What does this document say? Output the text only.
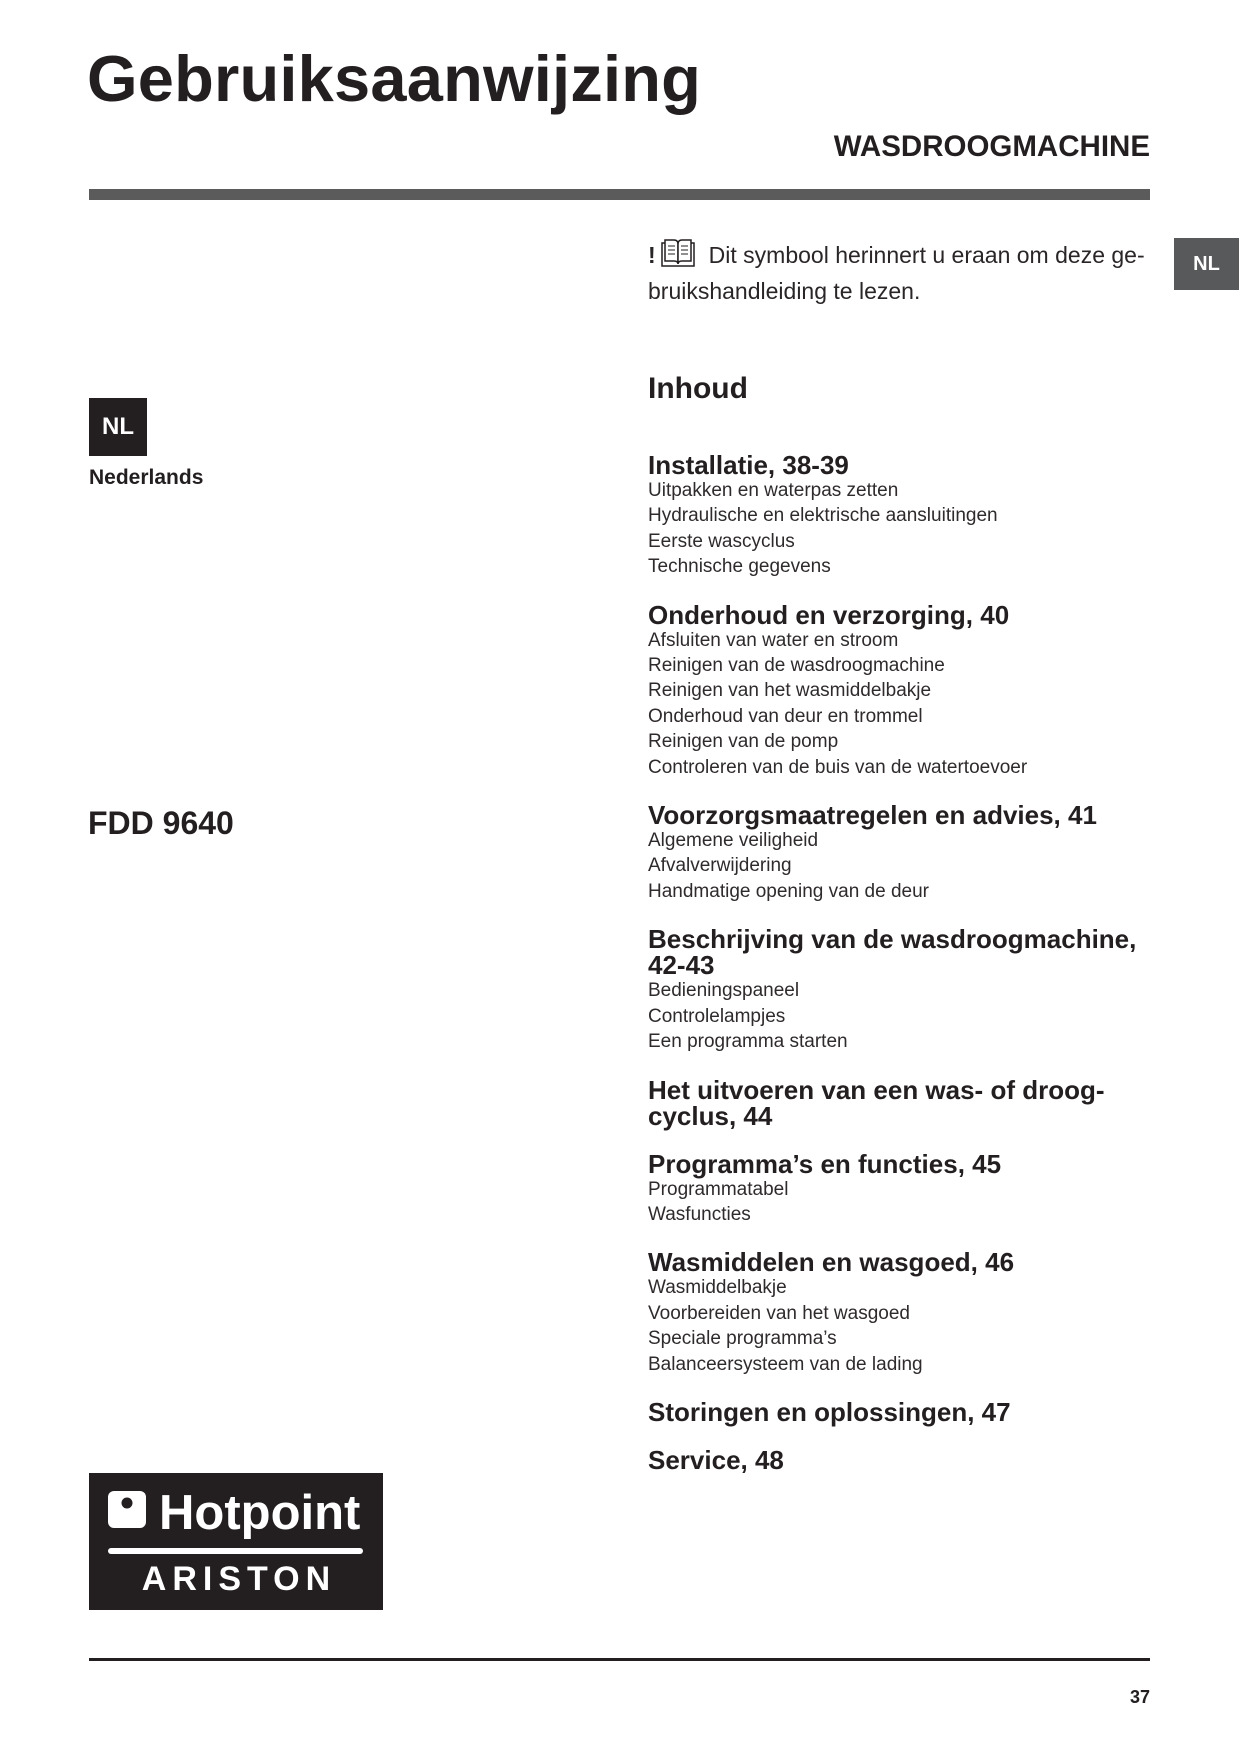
Gebruiksaanwijzing
WASDROOGMACHINE
NL
NL
Nederlands
FDD 9640
! Dit symbool herinnert u eraan om deze ge-
bruikshandleiding te lezen.
Inhoud
Installatie, 38-39
Uitpakken en waterpas zetten
Hydraulische en elektrische aansluitingen
Eerste wascyclus
Technische gegevens
Onderhoud en verzorging, 40
Afsluiten van water en stroom
Reinigen van de wasdroogmachine
Reinigen van het wasmiddelbakje
Onderhoud van deur en trommel
Reinigen van de pomp
Controleren van de buis van de watertoevoer
Voorzorgsmaatregelen en advies, 41
Algemene veiligheid
Afvalverwijdering
Handmatige opening van de deur
Beschrijving van de wasdroogmachine,
42-43
Bedieningspaneel
Controlelampjes
Een programma starten
Het uitvoeren van een was- of droog-
cyclus, 44
Programma’s en functies, 45
Programmatabel
Wasfuncties
Wasmiddelen en wasgoed, 46
Wasmiddelbakje
Voorbereiden van het wasgoed
Speciale programma’s
Balanceersysteem van de lading
Storingen en oplossingen, 47
Service, 48
Hotpoint
ARISTON
37
